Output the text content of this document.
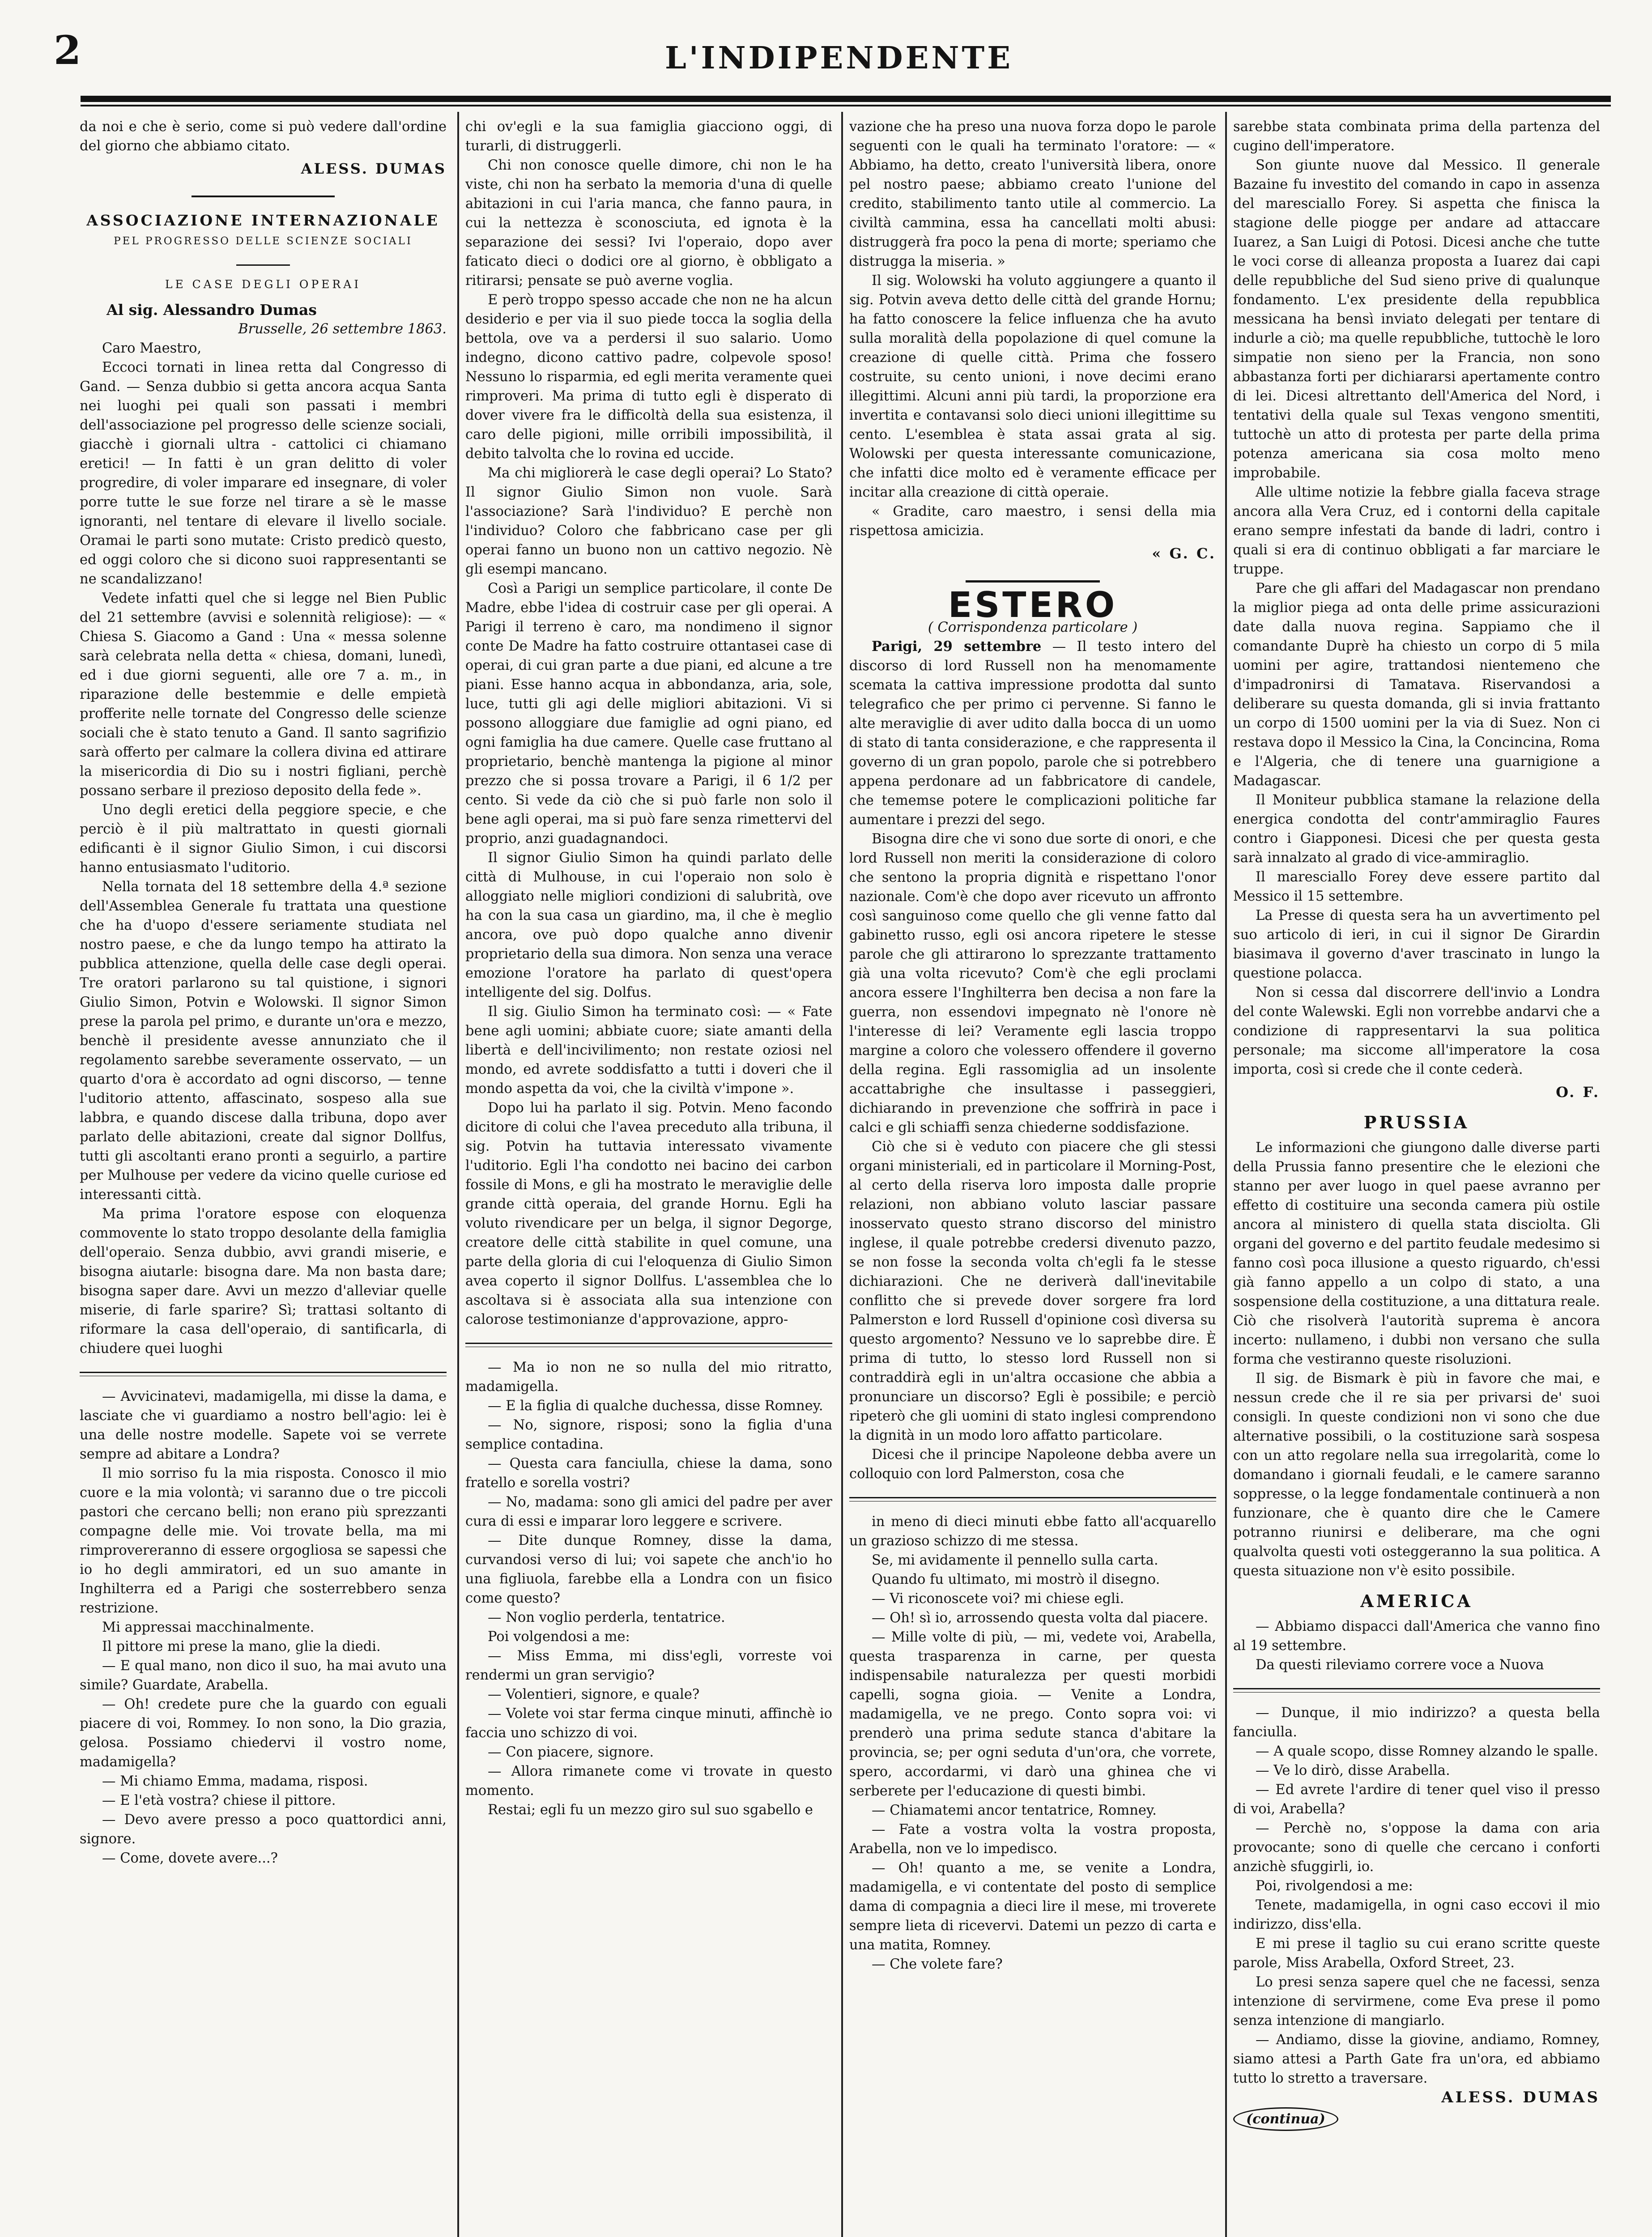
2	L'INDIPENDENTE

da noi e che è serio, come si può vedere dall'ordine del giorno che abbiamo citato.

ALESS. DUMAS
ASSOCIAZIONE INTERNAZIONALE
PEL PROGRESSO DELLE SCIENZE SOCIALI
LE CASE DEGLI OPERAI

Al sig. Alessandro Dumas

Brusselle, 26 settembre 1863.

Caro Maestro,

Eccoci tornati in linea retta dal Congresso di Gand. — Senza dubbio si getta ancora acqua Santa nei luoghi pei quali son passati i membri dell'associazione pel progresso delle scienze sociali, giacchè i giornali ultra - cattolici ci chiamano eretici! — In fatti è un gran delitto di voler progredire, di voler imparare ed insegnare, di voler porre tutte le sue forze nel tirare a sè le masse ignoranti, nel tentare di elevare il livello sociale. Oramai le parti sono mutate: Cristo predicò questo, ed oggi coloro che si dicono suoi rappresentanti se ne scandalizzano!

Vedete infatti quel che si legge nel Bien Public del 21 settembre (avvisi e solennità religiose): — « Chiesa S. Giacomo a Gand : Una « messa solenne sarà celebrata nella detta « chiesa, domani, lunedì, ed i due giorni seguenti, alle ore 7 a. m., in riparazione delle bestemmie e delle empietà profferite nelle tornate del Congresso delle scienze sociali che è stato tenuto a Gand. Il santo sagrifizio sarà offerto per calmare la collera divina ed attirare la misericordia di Dio su i nostri figliani, perchè possano serbare il prezioso deposito della fede ».

Uno degli eretici della peggiore specie, e che perciò è il più maltrattato in questi giornali edificanti è il signor Giulio Simon, i cui discorsi hanno entusiasmato l'uditorio.

Nella tornata del 18 settembre della 4.ª sezione dell'Assemblea Generale fu trattata una questione che ha d'uopo d'essere seriamente studiata nel nostro paese, e che da lungo tempo ha attirato la pubblica attenzione, quella delle case degli operai. Tre oratori parlarono su tal quistione, i signori Giulio Simon, Potvin e Wolowski. Il signor Simon prese la parola pel primo, e durante un'ora e mezzo, benchè il presidente avesse annunziato che il regolamento sarebbe severamente osservato, — un quarto d'ora è accordato ad ogni discorso, — tenne l'uditorio attento, affascinato, sospeso alla sue labbra, e quando discese dalla tribuna, dopo aver parlato delle abitazioni, create dal signor Dollfus, tutti gli ascoltanti erano pronti a seguirlo, a partire per Mulhouse per vedere da vicino quelle curiose ed interessanti città.

Ma prima l'oratore espose con eloquenza commovente lo stato troppo desolante della famiglia dell'operaio. Senza dubbio, avvi grandi miserie, e bisogna aiutarle: bisogna dare. Ma non basta dare; bisogna saper dare. Avvi un mezzo d'alleviar quelle miserie, di farle sparire? Sì; trattasi soltanto di riformare la casa dell'operaio, di santificarla, di chiudere quei luoghi

— Avvicinatevi, madamigella, mi disse la dama, e lasciate che vi guardiamo a nostro bell'agio: lei è una delle nostre modelle. Sapete voi se verrete sempre ad abitare a Londra?

Il mio sorriso fu la mia risposta. Conosco il mio cuore e la mia volontà; vi saranno due o tre piccoli pastori che cercano belli; non erano più sprezzanti compagne delle mie. Voi trovate bella, ma mi rimprovereranno di essere orgogliosa se sapessi che io ho degli ammiratori, ed un suo amante in Inghilterra ed a Parigi che sosterrebbero senza restrizione.

Mi appressai macchinalmente.

Il pittore mi prese la mano, glie la diedi.

— E qual mano, non dico il suo, ha mai avuto una simile? Guardate, Arabella.

— Oh! credete pure che la guardo con eguali piacere di voi, Rommey. Io non sono, la Dio grazia, gelosa. Possiamo chiedervi il vostro nome, madamigella?

— Mi chiamo Emma, madama, risposi.

— E l'età vostra? chiese il pittore.

— Devo avere presso a poco quattordici anni, signore.

— Come, dovete avere...?

chi ov'egli e la sua famiglia giacciono oggi, di turarli, di distruggerli.

Chi non conosce quelle dimore, chi non le ha viste, chi non ha serbato la memoria d'una di quelle abitazioni in cui l'aria manca, che fanno paura, in cui la nettezza è sconosciuta, ed ignota è la separazione dei sessi? Ivi l'operaio, dopo aver faticato dieci o dodici ore al giorno, è obbligato a ritirarsi; pensate se può averne voglia.

E però troppo spesso accade che non ne ha alcun desiderio e per via il suo piede tocca la soglia della bettola, ove va a perdersi il suo salario. Uomo indegno, dicono cattivo padre, colpevole sposo! Nessuno lo risparmia, ed egli merita veramente quei rimproveri. Ma prima di tutto egli è disperato di dover vivere fra le difficoltà della sua esistenza, il caro delle pigioni, mille orribili impossibilità, il debito talvolta che lo rovina ed uccide.

Ma chi migliorerà le case degli operai? Lo Stato? Il signor Giulio Simon non vuole. Sarà l'associazione? Sarà l'individuo? E perchè non l'individuo? Coloro che fabbricano case per gli operai fanno un buono non un cattivo negozio. Nè gli esempi mancano.

Così a Parigi un semplice particolare, il conte De Madre, ebbe l'idea di costruir case per gli operai. A Parigi il terreno è caro, ma nondimeno il signor conte De Madre ha fatto costruire ottantasei case di operai, di cui gran parte a due piani, ed alcune a tre piani. Esse hanno acqua in abbondanza, aria, sole, luce, tutti gli agi delle migliori abitazioni. Vi si possono alloggiare due famiglie ad ogni piano, ed ogni famiglia ha due camere. Quelle case fruttano al proprietario, benchè mantenga la pigione al minor prezzo che si possa trovare a Parigi, il 6 1/2 per cento. Si vede da ciò che si può farle non solo il bene agli operai, ma si può fare senza rimettervi del proprio, anzi guadagnandoci.

Il signor Giulio Simon ha quindi parlato delle città di Mulhouse, in cui l'operaio non solo è alloggiato nelle migliori condizioni di salubrità, ove ha con la sua casa un giardino, ma, il che è meglio ancora, ove può dopo qualche anno divenir proprietario della sua dimora. Non senza una verace emozione l'oratore ha parlato di quest'opera intelligente del sig. Dolfus.

Il sig. Giulio Simon ha terminato così: — « Fate bene agli uomini; abbiate cuore; siate amanti della libertà e dell'incivilimento; non restate oziosi nel mondo, ed avrete soddisfatto a tutti i doveri che il mondo aspetta da voi, che la civiltà v'impone ».

Dopo lui ha parlato il sig. Potvin. Meno facondo dicitore di colui che l'avea preceduto alla tribuna, il sig. Potvin ha tuttavia interessato vivamente l'uditorio. Egli l'ha condotto nei bacino dei carbon fossile di Mons, e gli ha mostrato le meraviglie delle grande città operaia, del grande Hornu. Egli ha voluto rivendicare per un belga, il signor Degorge, creatore delle città stabilite in quel comune, una parte della gloria di cui l'eloquenza di Giulio Simon avea coperto il signor Dollfus. L'assemblea che lo ascoltava si è associata alla sua intenzione con calorose testimonianze d'approvazione, appro-

— Ma io non ne so nulla del mio ritratto, madamigella.

— E la figlia di qualche duchessa, disse Romney.

— No, signore, risposi; sono la figlia d'una semplice contadina.

— Questa cara fanciulla, chiese la dama, sono fratello e sorella vostri?

— No, madama: sono gli amici del padre per aver cura di essi e imparar loro leggere e scrivere.

— Dite dunque Romney, disse la dama, curvandosi verso di lui; voi sapete che anch'io ho una figliuola, farebbe ella a Londra con un fisico come questo?

— Non voglio perderla, tentatrice.

Poi volgendosi a me:

— Miss Emma, mi diss'egli, vorreste voi rendermi un gran servigio?

— Volentieri, signore, e quale?

— Volete voi star ferma cinque minuti, affinchè io faccia uno schizzo di voi.

— Con piacere, signore.

— Allora rimanete come vi trovate in questo momento.

Restai; egli fu un mezzo giro sul suo sgabello e

vazione che ha preso una nuova forza dopo le parole seguenti con le quali ha terminato l'oratore: — « Abbiamo, ha detto, creato l'università libera, onore pel nostro paese; abbiamo creato l'unione del credito, stabilimento tanto utile al commercio. La civiltà cammina, essa ha cancellati molti abusi: distruggerà fra poco la pena di morte; speriamo che distrugga la miseria. »

Il sig. Wolowski ha voluto aggiungere a quanto il sig. Potvin aveva detto delle città del grande Hornu; ha fatto conoscere la felice influenza che ha avuto sulla moralità della popolazione di quel comune la creazione di quelle città. Prima che fossero costruite, su cento unioni, i nove decimi erano illegittimi. Alcuni anni più tardi, la proporzione era invertita e contavansi solo dieci unioni illegittime su cento. L'esemblea è stata assai grata al sig. Wolowski per questa interessante comunicazione, che infatti dice molto ed è veramente efficace per incitar alla creazione di città operaie.

« Gradite, caro maestro, i sensi della mia rispettosa amicizia.

« G. C.
ESTERO

( Corrispondenza particolare )

Parigi, 29 settembre — Il testo intero del discorso di lord Russell non ha menomamente scemata la cattiva impressione prodotta dal sunto telegrafico che per primo ci pervenne. Si fanno le alte meraviglie di aver udito dalla bocca di un uomo di stato di tanta considerazione, e che rappresenta il governo di un gran popolo, parole che si potrebbero appena perdonare ad un fabbricatore di candele, che tememse potere le complicazioni politiche far aumentare i prezzi del sego.

Bisogna dire che vi sono due sorte di onori, e che lord Russell non meriti la considerazione di coloro che sentono la propria dignità e rispettano l'onor nazionale. Com'è che dopo aver ricevuto un affronto così sanguinoso come quello che gli venne fatto dal gabinetto russo, egli osi ancora ripetere le stesse parole che gli attirarono lo sprezzante trattamento già una volta ricevuto? Com'è che egli proclami ancora essere l'Inghilterra ben decisa a non fare la guerra, non essendovi impegnato nè l'onore nè l'interesse di lei? Veramente egli lascia troppo margine a coloro che volessero offendere il governo della regina. Egli rassomiglia ad un insolente accattabrighe che insultasse i passeggieri, dichiarando in prevenzione che soffrirà in pace i calci e gli schiaffi senza chiederne soddisfazione.

Ciò che si è veduto con piacere che gli stessi organi ministeriali, ed in particolare il Morning-Post, al certo della riserva loro imposta dalle proprie relazioni, non abbiano voluto lasciar passare inosservato questo strano discorso del ministro inglese, il quale potrebbe credersi divenuto pazzo, se non fosse la seconda volta ch'egli fa le stesse dichiarazioni. Che ne deriverà dall'inevitabile conflitto che si prevede dover sorgere fra lord Palmerston e lord Russell d'opinione così diversa su questo argomento? Nessuno ve lo saprebbe dire. È prima di tutto, lo stesso lord Russell non si contraddirà egli in un'altra occasione che abbia a pronunciare un discorso? Egli è possibile; e perciò ripeterò che gli uomini di stato inglesi comprendono la dignità in un modo loro affatto particolare.

Dicesi che il principe Napoleone debba avere un colloquio con lord Palmerston, cosa che

in meno di dieci minuti ebbe fatto all'acquarello un grazioso schizzo di me stessa.

Se, mi avidamente il pennello sulla carta.

Quando fu ultimato, mi mostrò il disegno.

— Vi riconoscete voi? mi chiese egli.

— Oh! sì io, arrossendo questa volta dal piacere.

— Mille volte di più, — mi, vedete voi, Arabella, questa trasparenza in carne, per questa indispensabile naturalezza per questi morbidi capelli, sogna gioia. — Venite a Londra, madamigella, ve ne prego. Conto sopra voi: vi prenderò una prima sedute stanca d'abitare la provincia, se; per ogni seduta d'un'ora, che vorrete, spero, accordarmi, vi darò una ghinea che vi serberete per l'educazione di questi bimbi.

— Chiamatemi ancor tentatrice, Romney.

— Fate a vostra volta la vostra proposta, Arabella, non ve lo impedisco.

— Oh! quanto a me, se venite a Londra, madamigella, e vi contentate del posto di semplice dama di compagnia a dieci lire il mese, mi troverete sempre lieta di ricevervi. Datemi un pezzo di carta e una matita, Romney.

— Che volete fare?

sarebbe stata combinata prima della partenza del cugino dell'imperatore.

Son giunte nuove dal Messico. Il generale Bazaine fu investito del comando in capo in assenza del maresciallo Forey. Si aspetta che finisca la stagione delle piogge per andare ad attaccare Iuarez, a San Luigi di Potosi. Dicesi anche che tutte le voci corse di alleanza proposta a Iuarez dai capi delle repubbliche del Sud sieno prive di qualunque fondamento. L'ex presidente della repubblica messicana ha bensì inviato delegati per tentare di indurle a ciò; ma quelle repubbliche, tuttochè le loro simpatie non sieno per la Francia, non sono abbastanza forti per dichiararsi apertamente contro di lei. Dicesi altrettanto dell'America del Nord, i tentativi della quale sul Texas vengono smentiti, tuttochè un atto di protesta per parte della prima potenza americana sia cosa molto meno improbabile.

Alle ultime notizie la febbre gialla faceva strage ancora alla Vera Cruz, ed i contorni della capitale erano sempre infestati da bande di ladri, contro i quali si era di continuo obbligati a far marciare le truppe.

Pare che gli affari del Madagascar non prendano la miglior piega ad onta delle prime assicurazioni date dalla nuova regina. Sappiamo che il comandante Duprè ha chiesto un corpo di 5 mila uomini per agire, trattandosi nientemeno che d'impadronirsi di Tamatava. Riservandosi a deliberare su questa domanda, gli si invia frattanto un corpo di 1500 uomini per la via di Suez. Non ci restava dopo il Messico la Cina, la Concincina, Roma e l'Algeria, che di tenere una guarnigione a Madagascar.

Il Moniteur pubblica stamane la relazione della energica condotta del contr'ammiraglio Faures contro i Giapponesi. Dicesi che per questa gesta sarà innalzato al grado di vice-ammiraglio.

Il maresciallo Forey deve essere partito dal Messico il 15 settembre.

La Presse di questa sera ha un avvertimento pel suo articolo di ieri, in cui il signor De Girardin biasimava il governo d'aver trascinato in lungo la questione polacca.

Non si cessa dal discorrere dell'invio a Londra del conte Walewski. Egli non vorrebbe andarvi che a condizione di rappresentarvi la sua politica personale; ma siccome all'imperatore la cosa importa, così si crede che il conte cederà.

O. F.
PRUSSIA

Le informazioni che giungono dalle diverse parti della Prussia fanno presentire che le elezioni che stanno per aver luogo in quel paese avranno per effetto di costituire una seconda camera più ostile ancora al ministero di quella stata disciolta. Gli organi del governo e del partito feudale medesimo si fanno così poca illusione a questo riguardo, ch'essi già fanno appello a un colpo di stato, a una sospensione della costituzione, a una dittatura reale. Ciò che risolverà l'autorità suprema è ancora incerto: nullameno, i dubbi non versano che sulla forma che vestiranno queste risoluzioni.

Il sig. de Bismark è più in favore che mai, e nessun crede che il re sia per privarsi de' suoi consigli. In queste condizioni non vi sono che due alternative possibili, o la costituzione sarà sospesa con un atto regolare nella sua irregolarità, come lo domandano i giornali feudali, e le camere saranno soppresse, o la legge fondamentale continuerà a non funzionare, che è quanto dire che le Camere potranno riunirsi e deliberare, ma che ogni qualvolta questi voti osteggeranno la sua politica. A questa situazione non v'è esito possibile.

AMERICA

— Abbiamo dispacci dall'America che vanno fino al 19 settembre.

Da questi rileviamo correre voce a Nuova

— Dunque, il mio indirizzo? a questa bella fanciulla.

— A quale scopo, disse Romney alzando le spalle.

— Ve lo dirò, disse Arabella.

— Ed avrete l'ardire di tener quel viso il presso di voi, Arabella?

— Perchè no, s'oppose la dama con aria provocante; sono di quelle che cercano i conforti anzichè sfuggirli, io.

Poi, rivolgendosi a me:

Tenete, madamigella, in ogni caso eccovi il mio indirizzo, diss'ella.

E mi prese il taglio su cui erano scritte queste parole, Miss Arabella, Oxford Street, 23.

Lo presi senza sapere quel che ne facessi, senza intenzione di servirmene, come Eva prese il pomo senza intenzione di mangiarlo.

— Andiamo, disse la giovine, andiamo, Romney, siamo attesi a Parth Gate fra un'ora, ed abbiamo tutto lo stretto a traversare.

ALESS. DUMAS
(continua)
